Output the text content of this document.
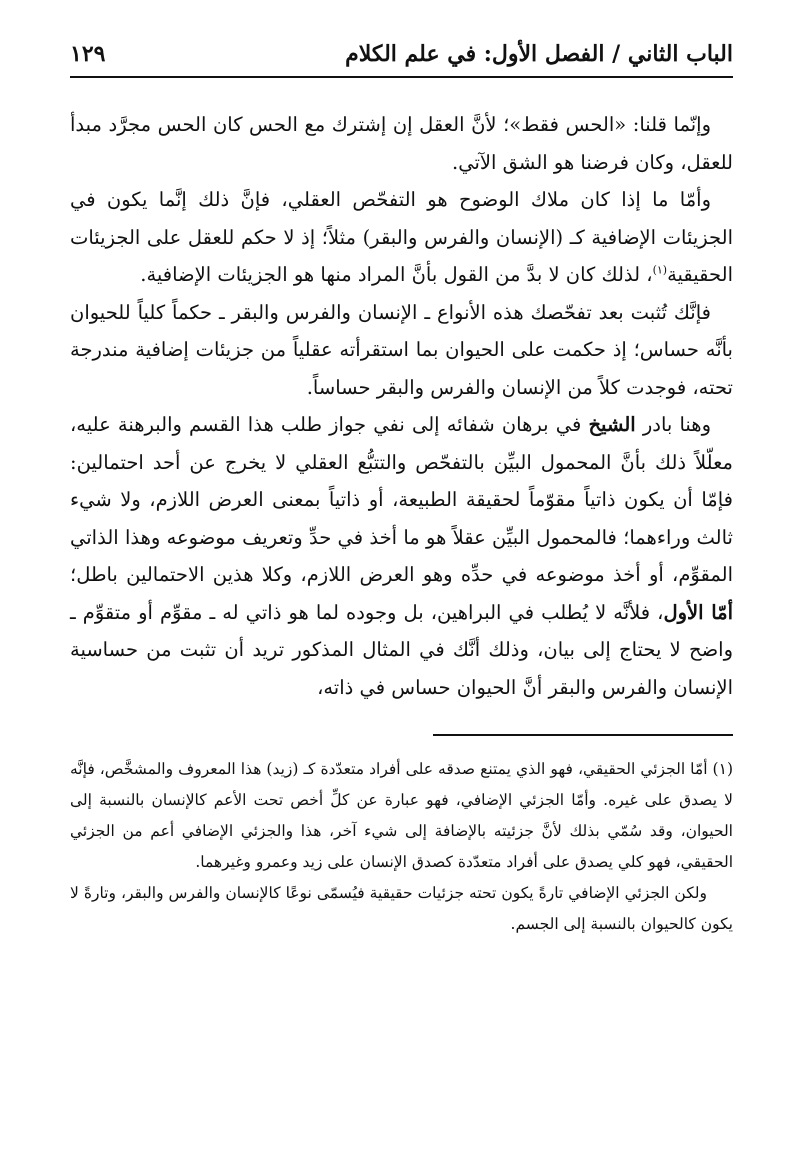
الباب الثاني / الفصل الأول: في علم الكلام
١٢٩

وإنّما قلنا: «الحس فقط»؛ لأنَّ العقل إن إشترك مع الحس كان الحس مجرَّد مبدأ للعقل، وكان فرضنا هو الشق الآتي.

وأمّا ما إذا كان ملاك الوضوح هو التفحّص العقلي، فإنَّ ذلك إنَّما يكون في الجزيئات الإضافية كـ (الإنسان والفرس والبقر) مثلاً؛ إذ لا حكم للعقل على الجزيئات الحقيقية$^{(١)}$، لذلك كان لا بدَّ من القول بأنَّ المراد منها هو الجزيئات الإضافية.

فإنَّك تُثبت بعد تفحّصك هذه الأنواع ـ الإنسان والفرس والبقر ـ حكماً كلياً للحيوان بأنَّه حساس؛ إذ حكمت على الحيوان بما استقرأته عقلياً من جزيئات إضافية مندرجة تحته، فوجدت كلاً من الإنسان والفرس والبقر حساساً.

وهنا بادر الشيخ في برهان شفائه إلى نفي جواز طلب هذا القسم والبرهنة عليه، معلّلاً ذلك بأنَّ المحمول البيِّن بالتفحّص والتتبُّع العقلي لا يخرج عن أحد احتمالين: فإمّا أن يكون ذاتياً مقوّماً لحقيقة الطبيعة، أو ذاتياً بمعنى العرض اللازم، ولا شيء ثالث وراءهما؛ فالمحمول البيِّن عقلاً هو ما أخذ في حدِّ وتعريف موضوعه وهذا الذاتي المقوِّم، أو أخذ موضوعه في حدِّه وهو العرض اللازم، وكلا هذين الاحتمالين باطل؛ أمّا الأول، فلأنَّه لا يُطلب في البراهين، بل وجوده لما هو ذاتي له ـ مقوِّم أو متقوِّم ـ واضح لا يحتاج إلى بيان، وذلك أنَّك في المثال المذكور تريد أن تثبت من حساسية الإنسان والفرس والبقر أنَّ الحيوان حساس في ذاته،

(١) أمّا الجزئي الحقيقي، فهو الذي يمتنع صدقه على أفراد متعدّدة كـ (زيد) هذا المعروف والمشخَّص، فإنَّه لا يصدق على غيره. وأمّا الجزئي الإضافي، فهو عبارة عن كلِّ أخص تحت الأعم كالإنسان بالنسبة إلى الحيوان، وقد سُمّي بذلك لأنَّ جزئيته بالإضافة إلى شيء آخر، هذا والجزئي الإضافي أعم من الجزئي الحقيقي، فهو كلي يصدق على أفراد متعدّدة كصدق الإنسان على زيد وعمرو وغيرهما.

ولكن الجزئي الإضافي تارةً يكون تحته جزئيات حقيقية فيُسمّى نوعًا كالإنسان والفرس والبقر، وتارةً لا يكون كالحيوان بالنسبة إلى الجسم.
